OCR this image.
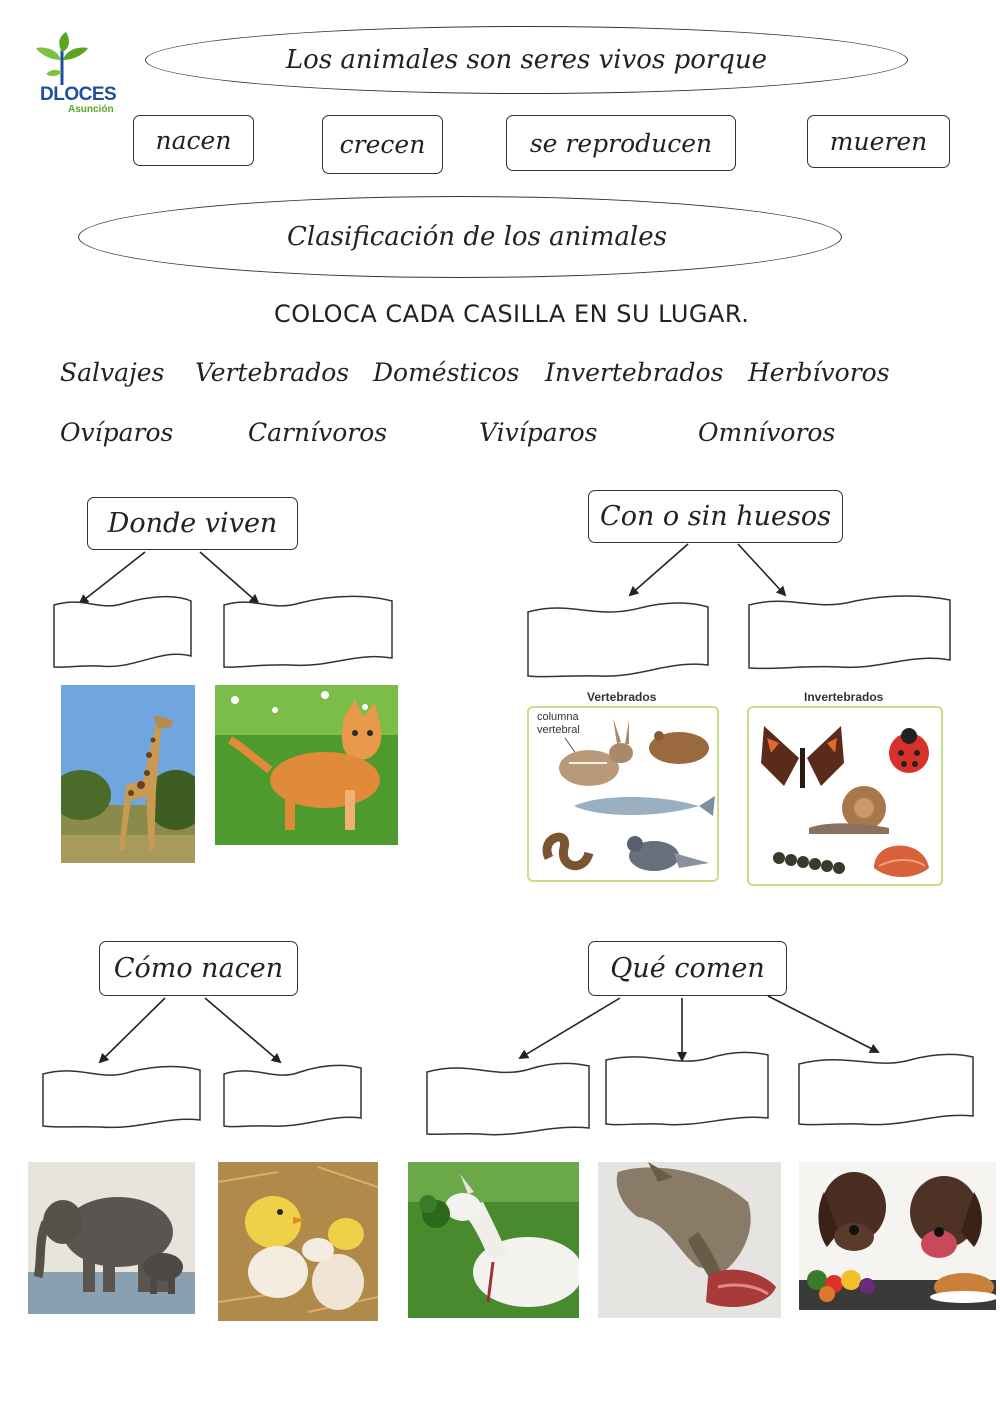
DLOCES
Asunción
Los animales son seres vivos porque
nacen	crecen	se reproducen	mueren
Clasificación de los animales
COLOCA CADA CASILLA EN SU LUGAR.
Salvajes Vertebrados Domésticos Invertebrados Herbívoros
Ovíparos	Carnívoros	Vivíparos	Omnívoros
Donde viven	Con o sin huesos
Cómo nacen	Qué comen
Vertebrados
columna vertebral
Invertebrados
